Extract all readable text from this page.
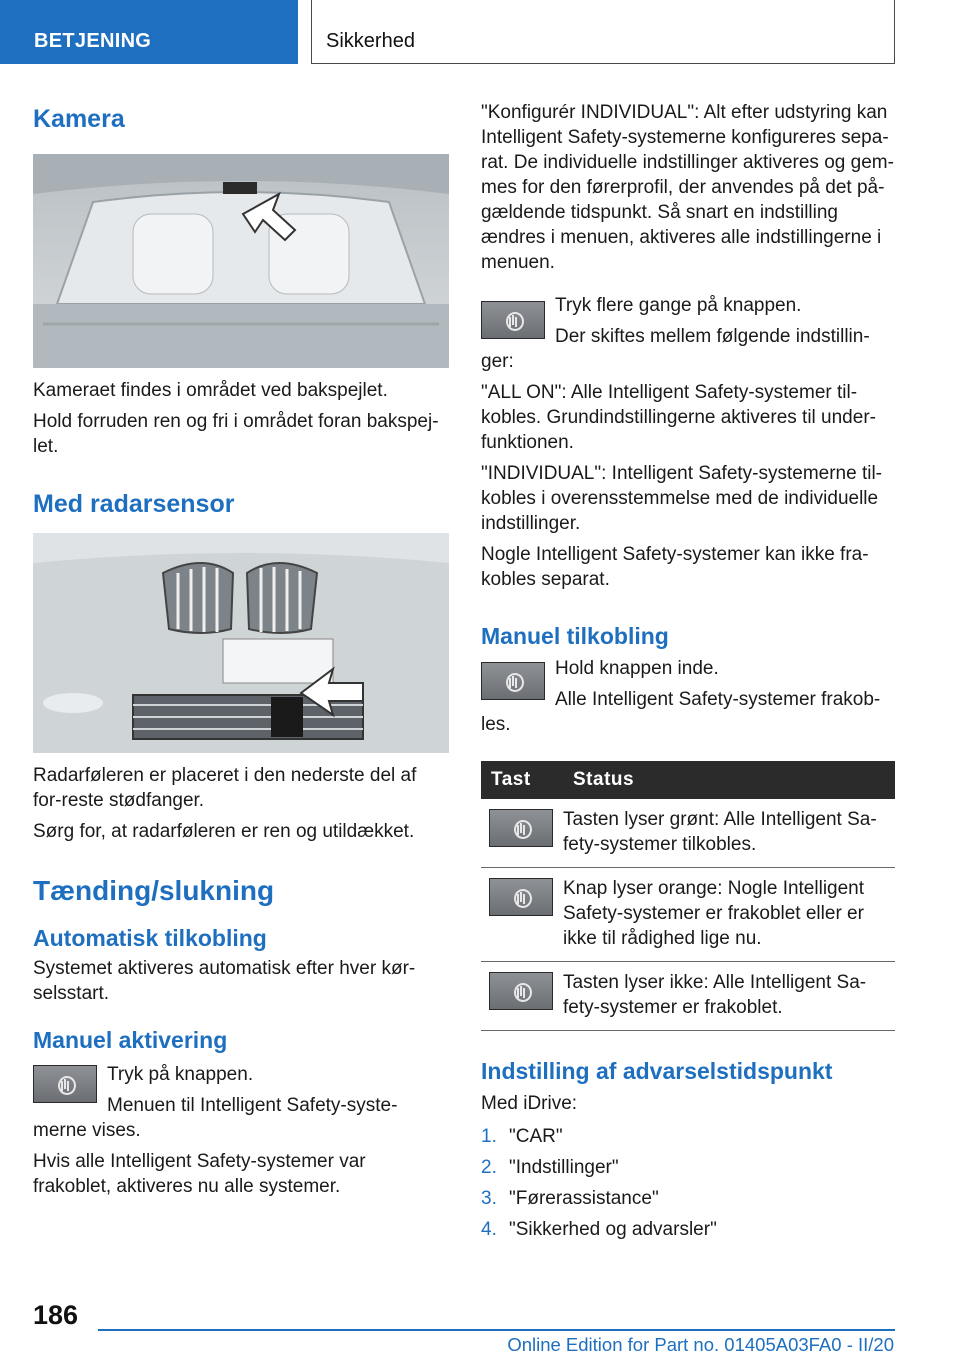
BETJENING	Sikkerhed
Kamera

Kameraet findes i området ved bakspejlet.

Hold forruden ren og fri i området foran bakspej-let.

Med radarsensor

Radarføleren er placeret i den nederste del af for-reste stødfanger.

Sørg for, at radarføleren er ren og utildækket.

Tænding/slukning
Automatisk tilkobling

Systemet aktiveres automatisk efter hver kør-selsstart.

Manuel aktivering

Tryk på knappen.

Menuen til Intelligent Safety-syste-

merne vises.

Hvis alle Intelligent Safety-systemer var frakoblet, aktiveres nu alle systemer.

"Konfigurér INDIVIDUAL": Alt efter udstyring kan Intelligent Safety-systemerne konfigureres sepa-rat. De individuelle indstillinger aktiveres og gem-mes for den førerprofil, der anvendes på det på-gældende tidspunkt. Så snart en indstilling ændres i menuen, aktiveres alle indstillingerne i menuen.

Tryk flere gange på knappen.

Der skiftes mellem følgende indstillin-

ger:

"ALL ON": Alle Intelligent Safety-systemer til-kobles. Grundindstillingerne aktiveres til under-funktionen.

"INDIVIDUAL": Intelligent Safety-systemerne til-kobles i overensstemmelse med de individuelle indstillinger.

Nogle Intelligent Safety-systemer kan ikke fra-kobles separat.

Manuel tilkobling

Hold knappen inde.

Alle Intelligent Safety-systemer frakob-

les.

Tast	Status
	Tasten lyser grønt: Alle Intelligent Sa-fety-systemer tilkobles.
	Knap lyser orange: Nogle Intelligent Safety-systemer er frakoblet eller er ikke til rådighed lige nu.
	Tasten lyser ikke: Alle Intelligent Sa-fety-systemer er frakoblet.
Indstilling af advarselstidspunkt

Med iDrive:

1. "CAR"
2. "Indstillinger"
3. "Førerassistance"
4. "Sikkerhed og advarsler"
186
Online Edition for Part no. 01405A03FA0 - II/20
